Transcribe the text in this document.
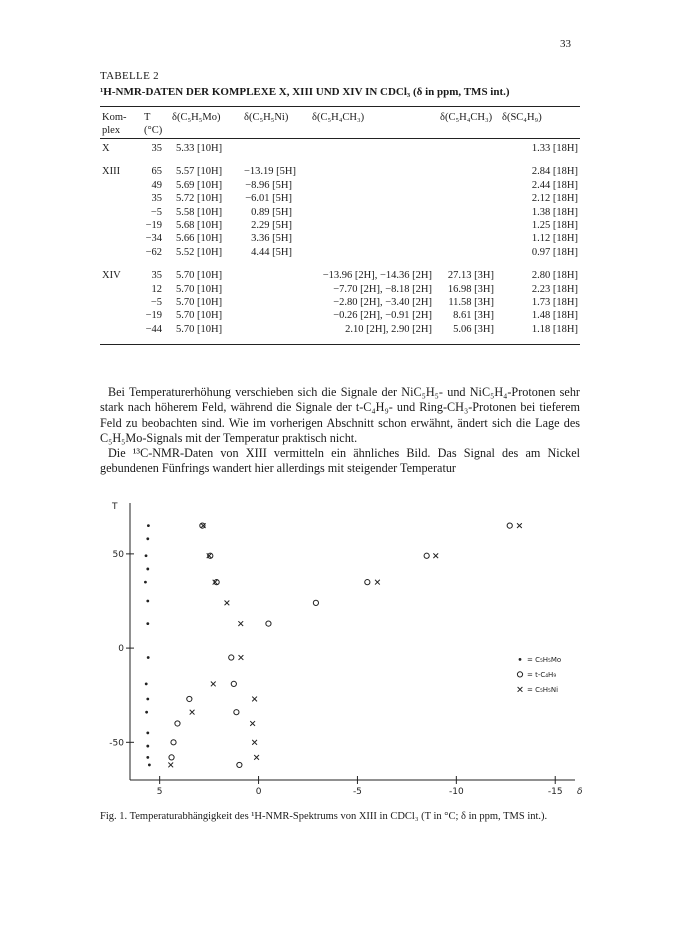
33
TABELLE 2
¹H-NMR-DATEN DER KOMPLEXE X, XIII UND XIV IN CDCl₃ (δ in ppm, TMS int.)
Kom-
plex	T
(°C)	δ(C₅H₅Mo)	δ(C₅H₅Ni)	δ(C₅H₄CH₃)	δ(C₅H₄CH₃)	δ(SC₄H₉)
X	35	5.33 [10H]				1.33 [18H]
XIII	65	5.57 [10H]	−13.19 [5H]			2.84 [18H]
	49	5.69 [10H]	−8.96 [5H]			2.44 [18H]
	35	5.72 [10H]	−6.01 [5H]			2.12 [18H]
	−5	5.58 [10H]	0.89 [5H]			1.38 [18H]
	−19	5.68 [10H]	2.29 [5H]			1.25 [18H]
	−34	5.66 [10H]	3.36 [5H]			1.12 [18H]
	−62	5.52 [10H]	4.44 [5H]			0.97 [18H]
XIV	35	5.70 [10H]		−13.96 [2H], −14.36 [2H]	27.13 [3H]	2.80 [18H]
	12	5.70 [10H]		−7.70 [2H], −8.18 [2H]	16.98 [3H]	2.23 [18H]
	−5	5.70 [10H]		−2.80 [2H], −3.40 [2H]	11.58 [3H]	1.73 [18H]
	−19	5.70 [10H]		−0.26 [2H], −0.91 [2H]	8.61 [3H]	1.48 [18H]
	−44	5.70 [10H]		2.10 [2H], 2.90 [2H]	5.06 [3H]	1.18 [18H]

Bei Temperaturerhöhung verschieben sich die Signale der NiC₅H₅- und NiC₅H₄-Protonen sehr stark nach höherem Feld, während die Signale der t-C₄H₉- und Ring-CH₃-Protonen bei tieferem Feld zu beobachten sind. Wie im vorherigen Abschnitt schon erwähnt, ändert sich die Lage des C₅H₅Mo-Signals mit der Temperatur praktisch nicht.

Die ¹³C-NMR-Daten von XIII vermitteln ein ähnliches Bild. Das Signal des am Nickel gebundenen Fünfrings wandert hier allerdings mit steigender Temperatur

T
δ
50
0
-50
5	0	-5	-10	-15
= C₅H₅Mo
= t-C₄H₉
= C₅H₅Ni

Fig. 1. Temperaturabhängigkeit des ¹H-NMR-Spektrums von XIII in CDCl₃ (T in °C; δ in ppm, TMS int.).
